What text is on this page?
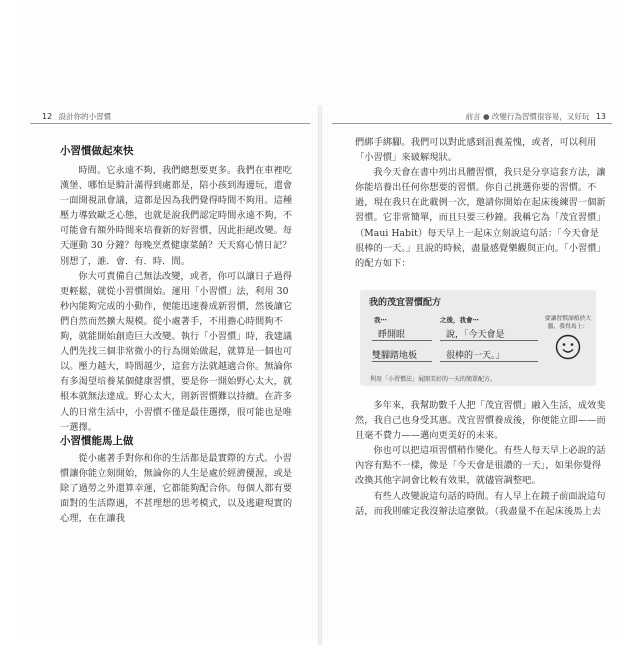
12 設計你的小習慣	前言 ● 改變行為習慣很容易，又好玩 13
小習慣做起來快

時間。它永遠不夠，我們總想要更多。我們在車裡吃漢堡、哪怕是騎計滿得到處都是，陪小孩到海邊玩，還會一面開視訊會議，這都是因為我們覺得時間不夠用。這種壓力導致歐乏心態，也就是說我們認定時間永遠不夠，不可能會有額外時間來培養新的好習慣，因此拒絕改變。每天運動 30 分鐘？每晚烹煮健康菜餚？天天寫心情日記？別想了，誰．會．有．時．間。

你大可責備自己無法改變，或者，你可以讓日子過得更輕鬆，就從小習慣開始。運用「小習慣」法，利用 30 秒內能夠完成的小動作，便能迅速養成新習慣，然後讓它們自然而然擴大規模。從小處著手，不用擔心時間夠不夠，就能開始創造巨大改變。執行「小習慣」時，我建議人們先找三個非常微小的行為開始做起，就算是一個也可以。壓力越大，時間越少，這套方法就越適合你。無論你有多渴望培養某個健康習慣，要是你一開始野心太大，就根本就無法達成。野心太大，則新習慣難以持續。在許多人的日常生活中，小習慣不僅是最佳選擇，很可能也是唯一選擇。

小習慣能馬上做

從小處著手對你和你的生活都是最實際的方式。小習慣讓你能立刻開始，無論你的人生是處於經濟優渥，或是除了過勞之外還算幸運，它都能夠配合你。每個人都有要面對的生活際遇，不甚理想的思考模式，以及逃避現實的心理，在在讓我

們綁手綁腳。我們可以對此感到沮喪羞愧，或者，可以利用「小習慣」來破解現狀。

我今天會在書中列出具體習慣，我只是分享這套方法，讓你能培養出任何你想要的習慣。你自己挑選你要的習慣。不過，現在我只在此載例一次，邀請你開始在起床後練習一個新習慣。它非常簡單，而且只要三秒鐘。我稱它為「茂宜習慣」（Maui Habit）每天早上一起床立刻說這句話：「今天會是很棒的一天。」且說的時候，盡量感覺樂觀與正向。「小習慣」的配方如下：

我的茂宜習慣配方
我⋯	之後，我會⋯
睜開眼	說，「今天會是
雙腳踏地板	很棒的一天。」
要讓習慣深植於大腦，我得馬上：
利用「小習慣法」展開美好的一天的簡單配方。

多年來，我幫助數千人把「茂宜習慣」融入生活，成效斐然，我自己也身受其惠。茂宜習慣養成後，你便能立即——而且毫不費力——邁向更美好的未來。

你也可以把這項習慣稍作變化。有些人每天早上必說的話內容有點不一樣，像是「今天會是很讚的一天」，如果你覺得改換其他字詞會比較有效果，就儘管調整吧。

有些人改變說這句話的時間。有人早上在鏡子前面說這句話，而我則確定我沒辦法這麼做。（我盡量不在起床後馬上去
